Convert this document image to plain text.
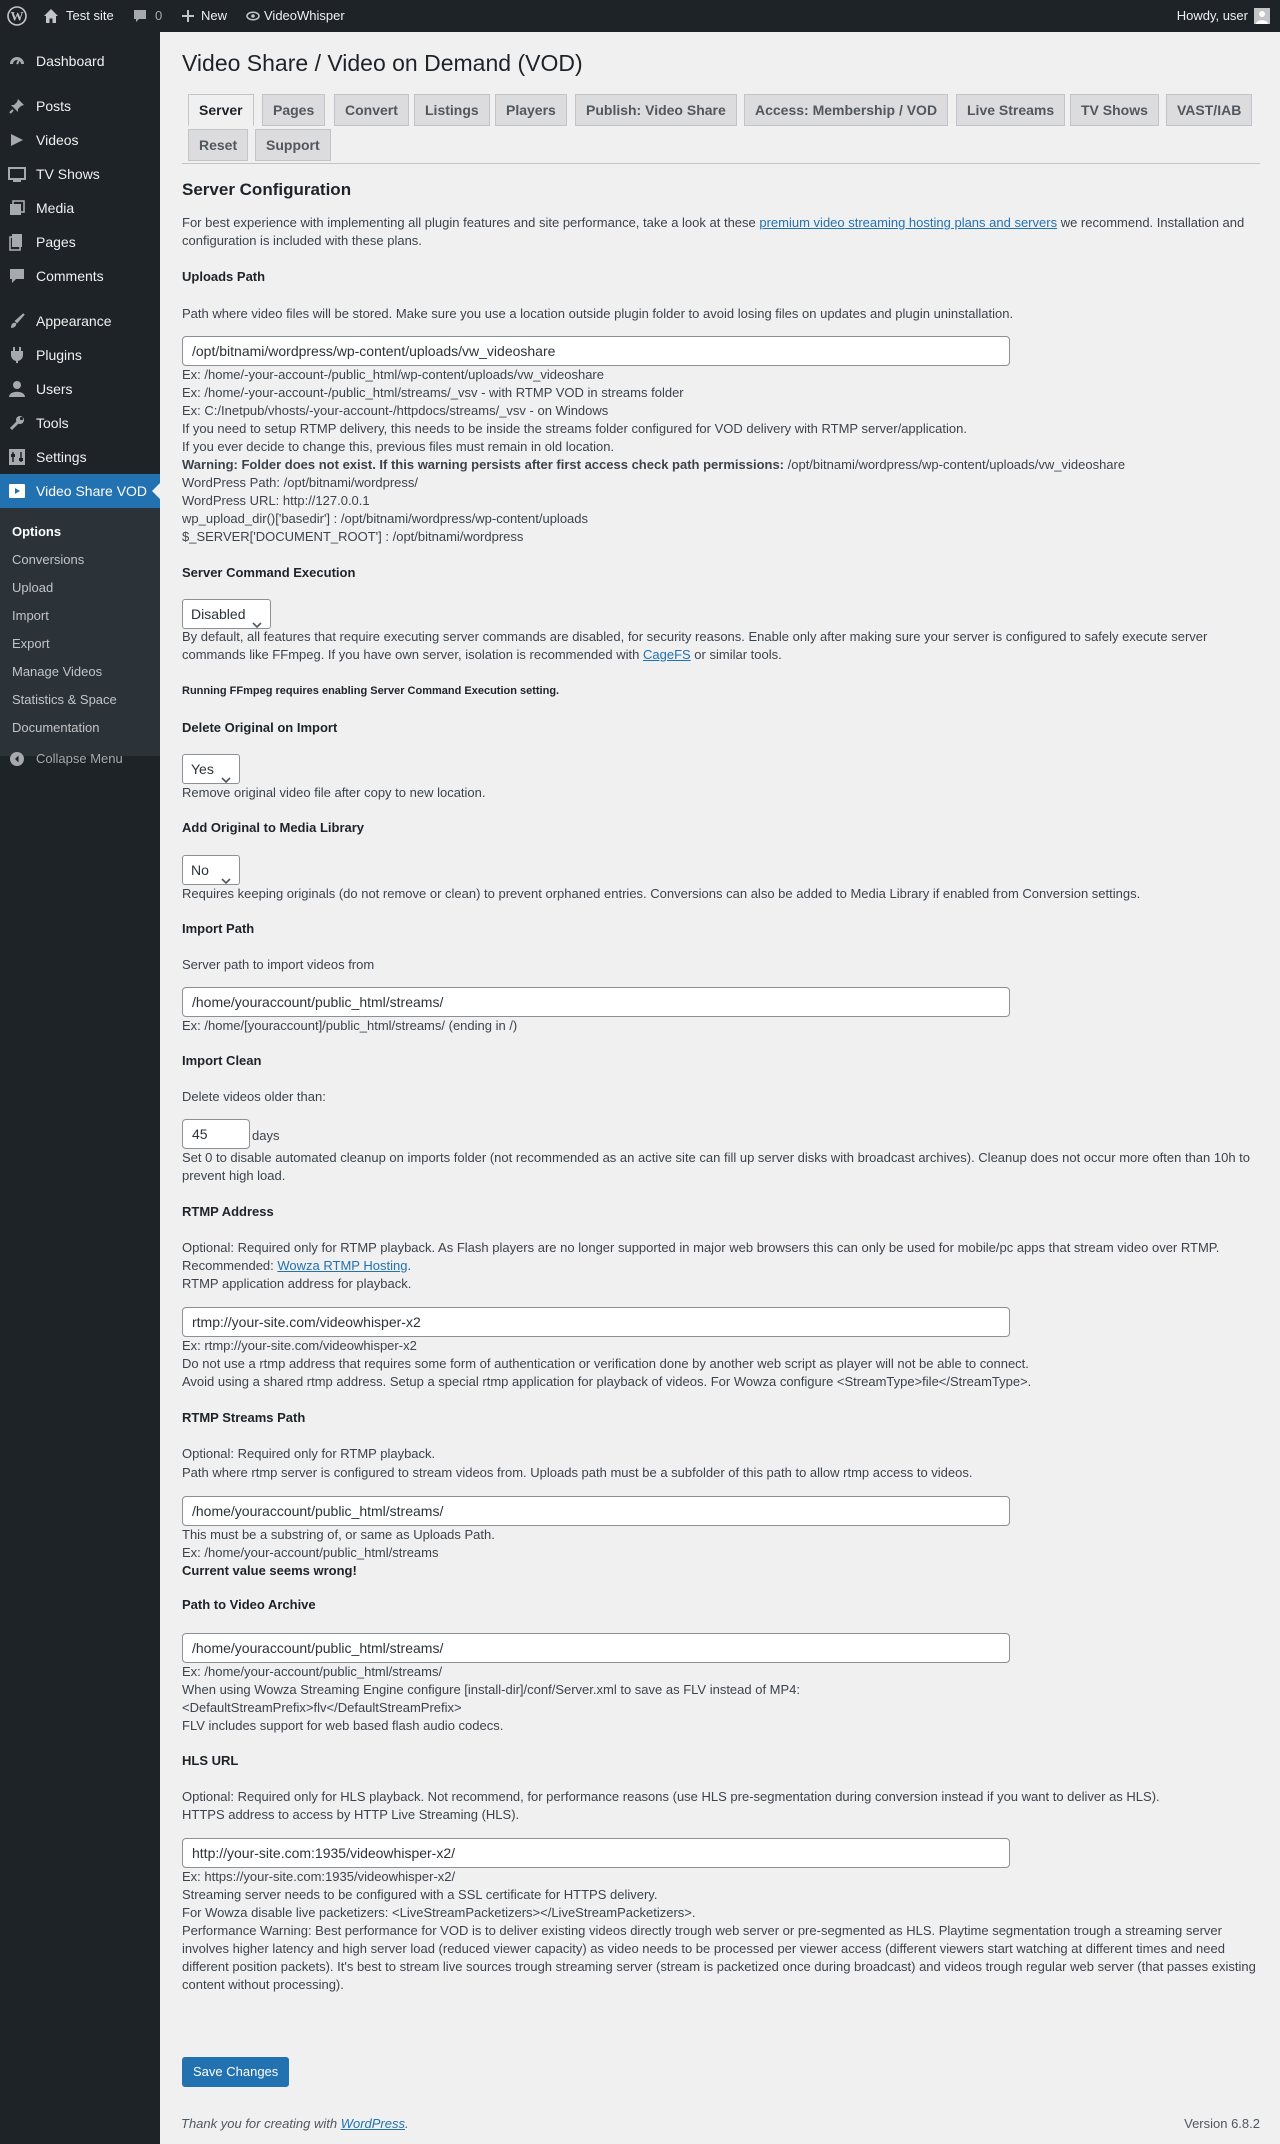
W	Test site	0	New	VideoWhisper	Howdy, user
Dashboard
Posts
Videos
TV Shows
Media
Pages
Comments
Appearance
Plugins
Users
Tools
Settings
Video Share VOD
Options
Conversions
Upload
Import
Export
Manage Videos
Statistics & Space
Documentation
Collapse Menu
Video Share / Video on Demand (VOD)
Server	Pages	Convert	Listings	Players	Publish: Video Share	Access: Membership / VOD	Live Streams	TV Shows	VAST/IAB
Reset	Support
Server Configuration
For best experience with implementing all plugin features and site performance, take a look at these premium video streaming hosting plans and servers we recommend. Installation and configuration is included with these plans.
Uploads Path
Path where video files will be stored. Make sure you use a location outside plugin folder to avoid losing files on updates and plugin uninstallation.
/opt/bitnami/wordpress/wp-content/uploads/vw_videoshare
Ex: /home/-your-account-/public_html/wp-content/uploads/vw_videoshare
Ex: /home/-your-account-/public_html/streams/_vsv - with RTMP VOD in streams folder
Ex: C:/Inetpub/vhosts/-your-account-/httpdocs/streams/_vsv - on Windows
If you need to setup RTMP delivery, this needs to be inside the streams folder configured for VOD delivery with RTMP server/application.
If you ever decide to change this, previous files must remain in old location.
Warning: Folder does not exist. If this warning persists after first access check path permissions: /opt/bitnami/wordpress/wp-content/uploads/vw_videoshare
WordPress Path: /opt/bitnami/wordpress/
WordPress URL: http://127.0.0.1
wp_upload_dir()['basedir'] : /opt/bitnami/wordpress/wp-content/uploads
$_SERVER['DOCUMENT_ROOT'] : /opt/bitnami/wordpress
Server Command Execution
Disabled
By default, all features that require executing server commands are disabled, for security reasons. Enable only after making sure your server is configured to safely execute server commands like FFmpeg. If you have own server, isolation is recommended with CageFS or similar tools.
Running FFmpeg requires enabling Server Command Execution setting.
Delete Original on Import
Yes
Remove original video file after copy to new location.
Add Original to Media Library
No
Requires keeping originals (do not remove or clean) to prevent orphaned entries. Conversions can also be added to Media Library if enabled from Conversion settings.
Import Path
Server path to import videos from
/home/youraccount/public_html/streams/
Ex: /home/[youraccount]/public_html/streams/ (ending in /)
Import Clean
Delete videos older than:
45	days
Set 0 to disable automated cleanup on imports folder (not recommended as an active site can fill up server disks with broadcast archives). Cleanup does not occur more often than 10h to prevent high load.
RTMP Address
Optional: Required only for RTMP playback. As Flash players are no longer supported in major web browsers this can only be used for mobile/pc apps that stream video over RTMP.
Recommended: Wowza RTMP Hosting.
RTMP application address for playback.
rtmp://your-site.com/videowhisper-x2
Ex: rtmp://your-site.com/videowhisper-x2
Do not use a rtmp address that requires some form of authentication or verification done by another web script as player will not be able to connect.
Avoid using a shared rtmp address. Setup a special rtmp application for playback of videos. For Wowza configure <StreamType>file</StreamType>.
RTMP Streams Path
Optional: Required only for RTMP playback.
Path where rtmp server is configured to stream videos from. Uploads path must be a subfolder of this path to allow rtmp access to videos.
/home/youraccount/public_html/streams/
This must be a substring of, or same as Uploads Path.
Ex: /home/your-account/public_html/streams
Current value seems wrong!
Path to Video Archive
/home/youraccount/public_html/streams/
Ex: /home/your-account/public_html/streams/
When using Wowza Streaming Engine configure [install-dir]/conf/Server.xml to save as FLV instead of MP4:
<DefaultStreamPrefix>flv</DefaultStreamPrefix>
FLV includes support for web based flash audio codecs.
HLS URL
Optional: Required only for HLS playback. Not recommend, for performance reasons (use HLS pre-segmentation during conversion instead if you want to deliver as HLS).
HTTPS address to access by HTTP Live Streaming (HLS).
http://your-site.com:1935/videowhisper-x2/
Ex: https://your-site.com:1935/videowhisper-x2/
Streaming server needs to be configured with a SSL certificate for HTTPS delivery.
For Wowza disable live packetizers: <LiveStreamPacketizers></LiveStreamPacketizers>.
Performance Warning: Best performance for VOD is to deliver existing videos directly trough web server or pre-segmented as HLS. Playtime segmentation trough a streaming server involves higher latency and high server load (reduced viewer capacity) as video needs to be processed per viewer access (different viewers start watching at different times and need different position packets). It's best to stream live sources trough streaming server (stream is packetized once during broadcast) and videos trough regular web server (that passes existing content without processing).
Save Changes
Thank you for creating with WordPress.	Version 6.8.2
